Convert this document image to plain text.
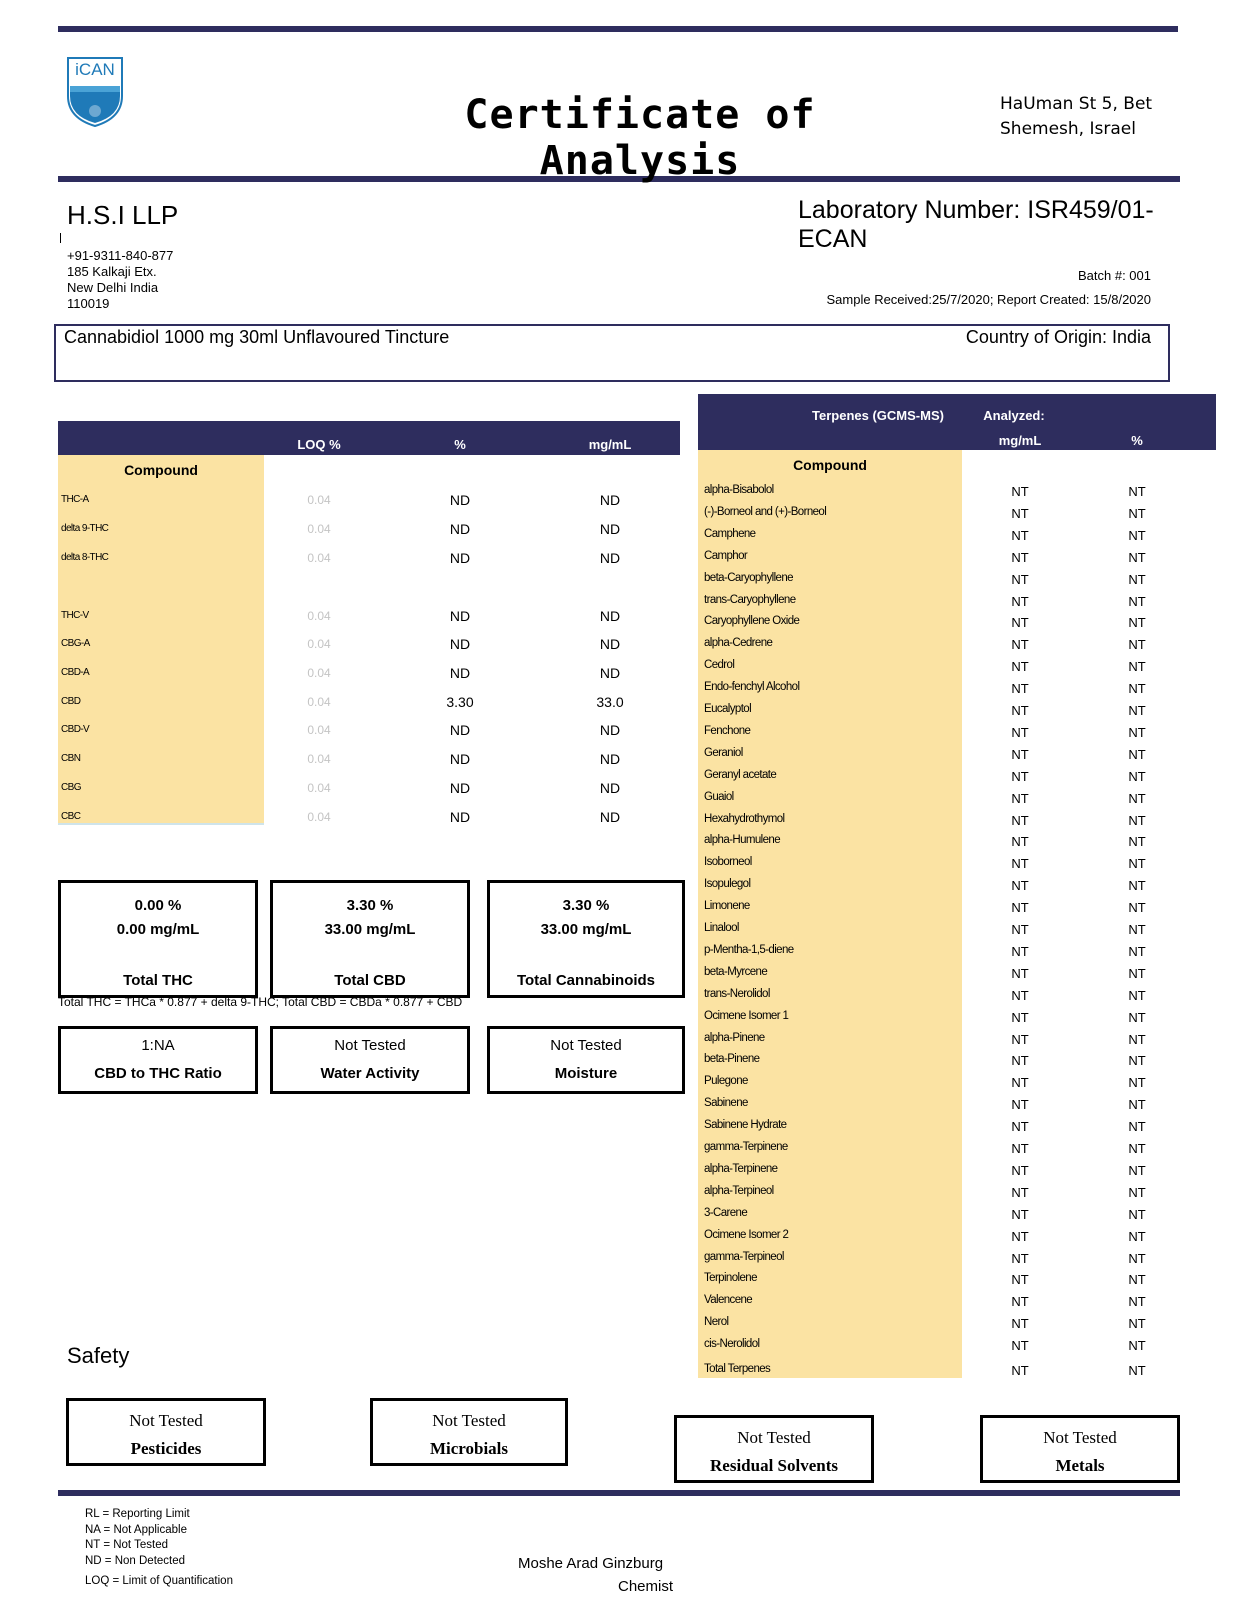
iCAN
Certificate of Analysis
HaUman St 5, Bet
Shemesh, Israel
H.S.I LLP
+91-9311-840-877
185 Kalkaji Etx.
New Delhi India
110019
Laboratory Number: ISR459/01-ECAN
Batch #: 001
Sample Received:25/7/2020; Report Created: 15/8/2020
Cannabidiol 1000 mg 30ml Unflavoured Tincture	Country of Origin: India
LOQ %	%	mg/mL
Compound
THC-A	0.04	ND	ND
delta 9-THC	0.04	ND	ND
delta 8-THC	0.04	ND	ND
THC-V	0.04	ND	ND
CBG-A	0.04	ND	ND
CBD-A	0.04	ND	ND
CBD	0.04	3.30	33.0
CBD-V	0.04	ND	ND
CBN	0.04	ND	ND
CBG	0.04	ND	ND
CBC	0.04	ND	ND
0.00 %
0.00 mg/mL
Total THC
3.30 %
33.00 mg/mL
Total CBD
3.30 %
33.00 mg/mL
Total Cannabinoids
Total THC = THCa * 0.877 + delta 9-THC; Total CBD = CBDa * 0.877 + CBD
1:NA
CBD to THC Ratio
Not Tested
Water Activity
Not Tested
Moisture
Terpenes (GCMS-MS)	Analyzed:
mg/mL	%
Compound
alpha-Bisabolol	NT	NT
(-)-Borneol and (+)-Borneol	NT	NT
Camphene	NT	NT
Camphor	NT	NT
beta-Caryophyllene	NT	NT
trans-Caryophyllene	NT	NT
Caryophyllene Oxide	NT	NT
alpha-Cedrene	NT	NT
Cedrol	NT	NT
Endo-fenchyl Alcohol	NT	NT
Eucalyptol	NT	NT
Fenchone	NT	NT
Geraniol	NT	NT
Geranyl acetate	NT	NT
Guaiol	NT	NT
Hexahydrothymol	NT	NT
alpha-Humulene	NT	NT
Isoborneol	NT	NT
Isopulegol	NT	NT
Limonene	NT	NT
Linalool	NT	NT
p-Mentha-1,5-diene	NT	NT
beta-Myrcene	NT	NT
trans-Nerolidol	NT	NT
Ocimene Isomer 1	NT	NT
alpha-Pinene	NT	NT
beta-Pinene	NT	NT
Pulegone	NT	NT
Sabinene	NT	NT
Sabinene Hydrate	NT	NT
gamma-Terpinene	NT	NT
alpha-Terpinene	NT	NT
alpha-Terpineol	NT	NT
3-Carene	NT	NT
Ocimene Isomer 2	NT	NT
gamma-Terpineol	NT	NT
Terpinolene	NT	NT
Valencene	NT	NT
Nerol	NT	NT
cis-Nerolidol	NT	NT
Total Terpenes	NT	NT
Safety
Not Tested
Pesticides
Not Tested
Microbials
Not Tested
Residual Solvents
Not Tested
Metals
RL = Reporting Limit
NA = Not Applicable
NT = Not Tested
ND = Non Detected
LOQ = Limit of Quantification
Moshe Arad Ginzburg
Chemist
